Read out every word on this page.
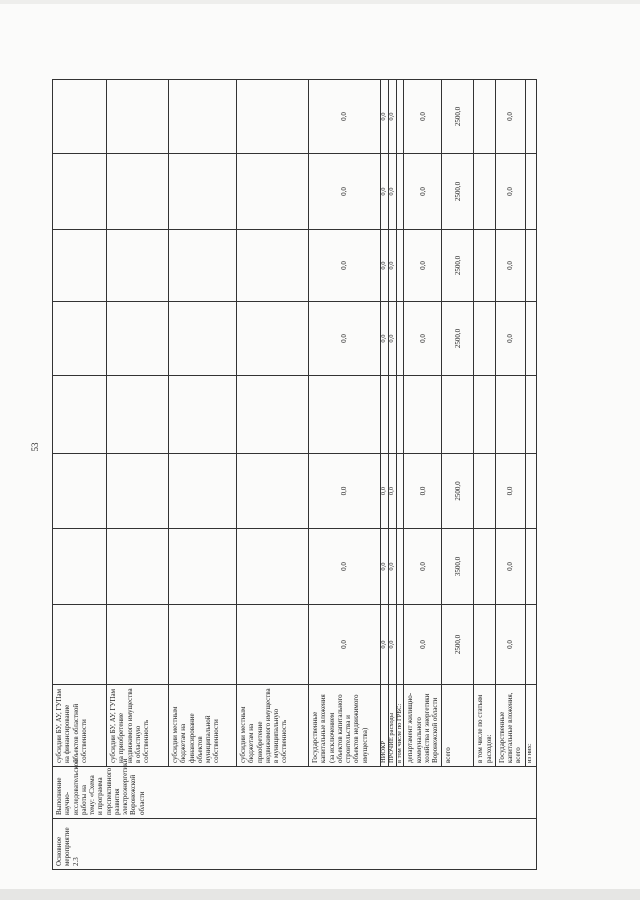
53
Основное мероприятие 2.3	Выполнение научно-исследовательской работы на тему: «Схема и программа перспективного развития электроэнергетики Воронежской области	субсидии БУ, АУ, ГУПам на финансирование объектов областной собственности								
		субсидии БУ, АУ, ГУПам на приобретение недвижимого имущества в областную собственность								
		субсидии местным бюджетам на финансирование объектов муниципальной собственности								
		субсидии местным бюджетам на приобретение недвижимого имущества в муниципальную собственность								
		Государственные капитальные вложения (за исключением объектов капитального строительства и объектов недвижимого имущества)	0,0	0,0	0,0		0,0	0,0	0,0	0,0
		НИОКР	0,0	0,0	0,0		0,0	0,0	0,0	0,0
		ПРОЧИЕ расходы	0,0	0,0	0,0		0,0	0,0	0,0	0,0
		в том числе по ГРБС:								
		департамент жилищно-коммунального хозяйства и энергетики Воронежской области	0,0	0,0	0,0		0,0	0,0	0,0	0,0
		всего	2500,0	3500,0	2500,0		2500,0	2500,0	2500,0	2500,0
		в том числе по статьям расходов:								
		Государственные капитальные вложения, всего	0,0	0,0	0,0		0,0	0,0	0,0	0,0
		из них:								
